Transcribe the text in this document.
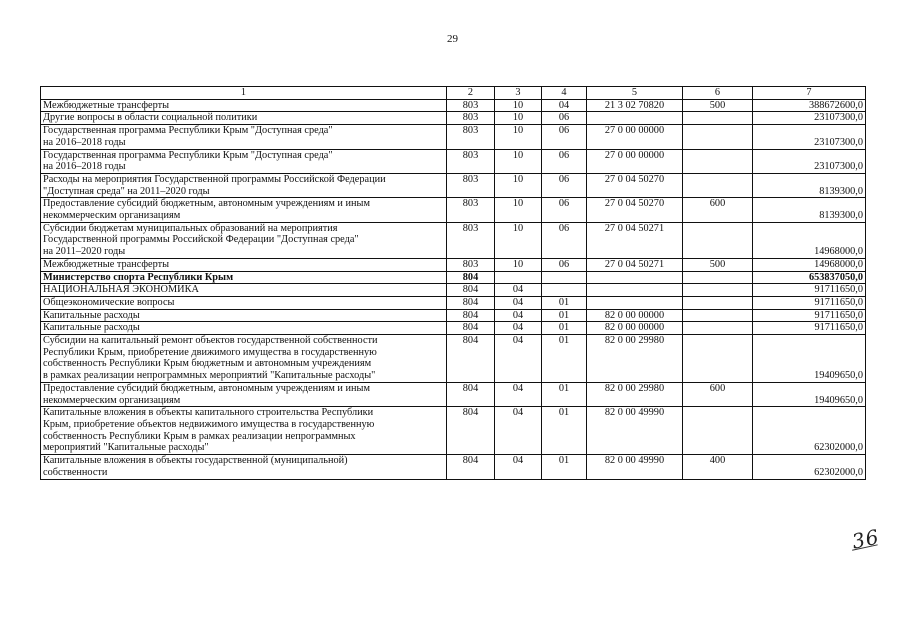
29
1	2	3	4	5	6	7
Межбюджетные трансферты	803	10	04	21 3 02 70820	500	388672600,0
Другие вопросы в области социальной политики	803	10	06			23107300,0
Государственная программа Республики Крым "Доступная среда"
на 2016–2018 годы	803	10	06	27 0 00 00000		23107300,0
Государственная программа Республики Крым "Доступная среда"
на 2016–2018 годы	803	10	06	27 0 00 00000		23107300,0
Расходы на мероприятия Государственной программы Российской Федерации
"Доступная среда" на 2011–2020 годы	803	10	06	27 0 04 50270		8139300,0
Предоставление субсидий бюджетным, автономным учреждениям и иным
некоммерческим организациям	803	10	06	27 0 04 50270	600	8139300,0
Субсидии бюджетам муниципальных образований на мероприятия
Государственной программы Российской Федерации "Доступная среда"
на 2011–2020 годы	803	10	06	27 0 04 50271		14968000,0
Межбюджетные трансферты	803	10	06	27 0 04 50271	500	14968000,0
Министерство спорта Республики Крым	804					653837050,0
НАЦИОНАЛЬНАЯ ЭКОНОМИКА	804	04				91711650,0
Общеэкономические вопросы	804	04	01			91711650,0
Капитальные расходы	804	04	01	82 0 00 00000		91711650,0
Капитальные расходы	804	04	01	82 0 00 00000		91711650,0
Субсидии на капитальный ремонт объектов государственной собственности
Республики Крым, приобретение движимого имущества в государственную
собственность Республики Крым бюджетным и автономным учреждениям
в рамках реализации непрограммных мероприятий "Капитальные расходы"	804	04	01	82 0 00 29980		19409650,0
Предоставление субсидий бюджетным, автономным учреждениям и иным
некоммерческим организациям	804	04	01	82 0 00 29980	600	19409650,0
Капитальные вложения в объекты капитального строительства Республики
Крым, приобретение объектов недвижимого имущества в государственную
собственность Республики Крым в рамках реализации непрограммных
мероприятий "Капитальные расходы"	804	04	01	82 0 00 49990		62302000,0
Капитальные вложения в объекты государственной (муниципальной)
собственности	804	04	01	82 0 00 49990	400	62302000,0
36
